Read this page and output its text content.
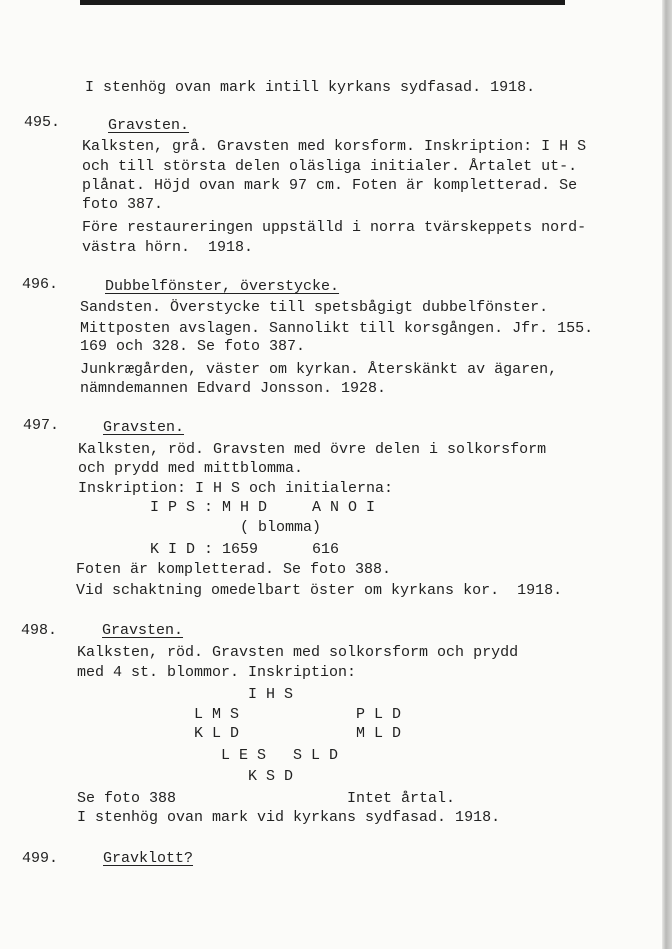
I stenhög ovan mark intill kyrkans sydfasad. 1918.
495.	Gravsten.
Kalksten, grå. Gravsten med korsform. Inskription: I H S
och till största delen oläsliga initialer. Årtalet ut-.
plånat. Höjd ovan mark 97 cm. Foten är kompletterad. Se
foto 387.
Före restaureringen uppställd i norra tvärskeppets nord-
västra hörn.  1918.
496.	Dubbelfönster, överstycke.
Sandsten. Överstycke till spetsbågigt dubbelfönster.
Mittposten avslagen. Sannolikt till korsgången. Jfr. 155.
169 och 328. Se foto 387.
Junkrægården, väster om kyrkan. Återskänkt av ägaren,
nämndemannen Edvard Jonsson. 1928.
497.	Gravsten.
Kalksten, röd. Gravsten med övre delen i solkorsform
och prydd med mittblomma.
Inskription: I H S och initialerna:
I P S : M H D     A N O I
( blomma)
K I D : 1659      616
Foten är kompletterad. Se foto 388.
Vid schaktning omedelbart öster om kyrkans kor.  1918.
498.	Gravsten.
Kalksten, röd. Gravsten med solkorsform och prydd
med 4 st. blommor. Inskription:
I H S
L M S             P L D
K L D             M L D
L E S   S L D
K S D
Se foto 388                   Intet årtal.
I stenhög ovan mark vid kyrkans sydfasad. 1918.
499.	Gravklott?
